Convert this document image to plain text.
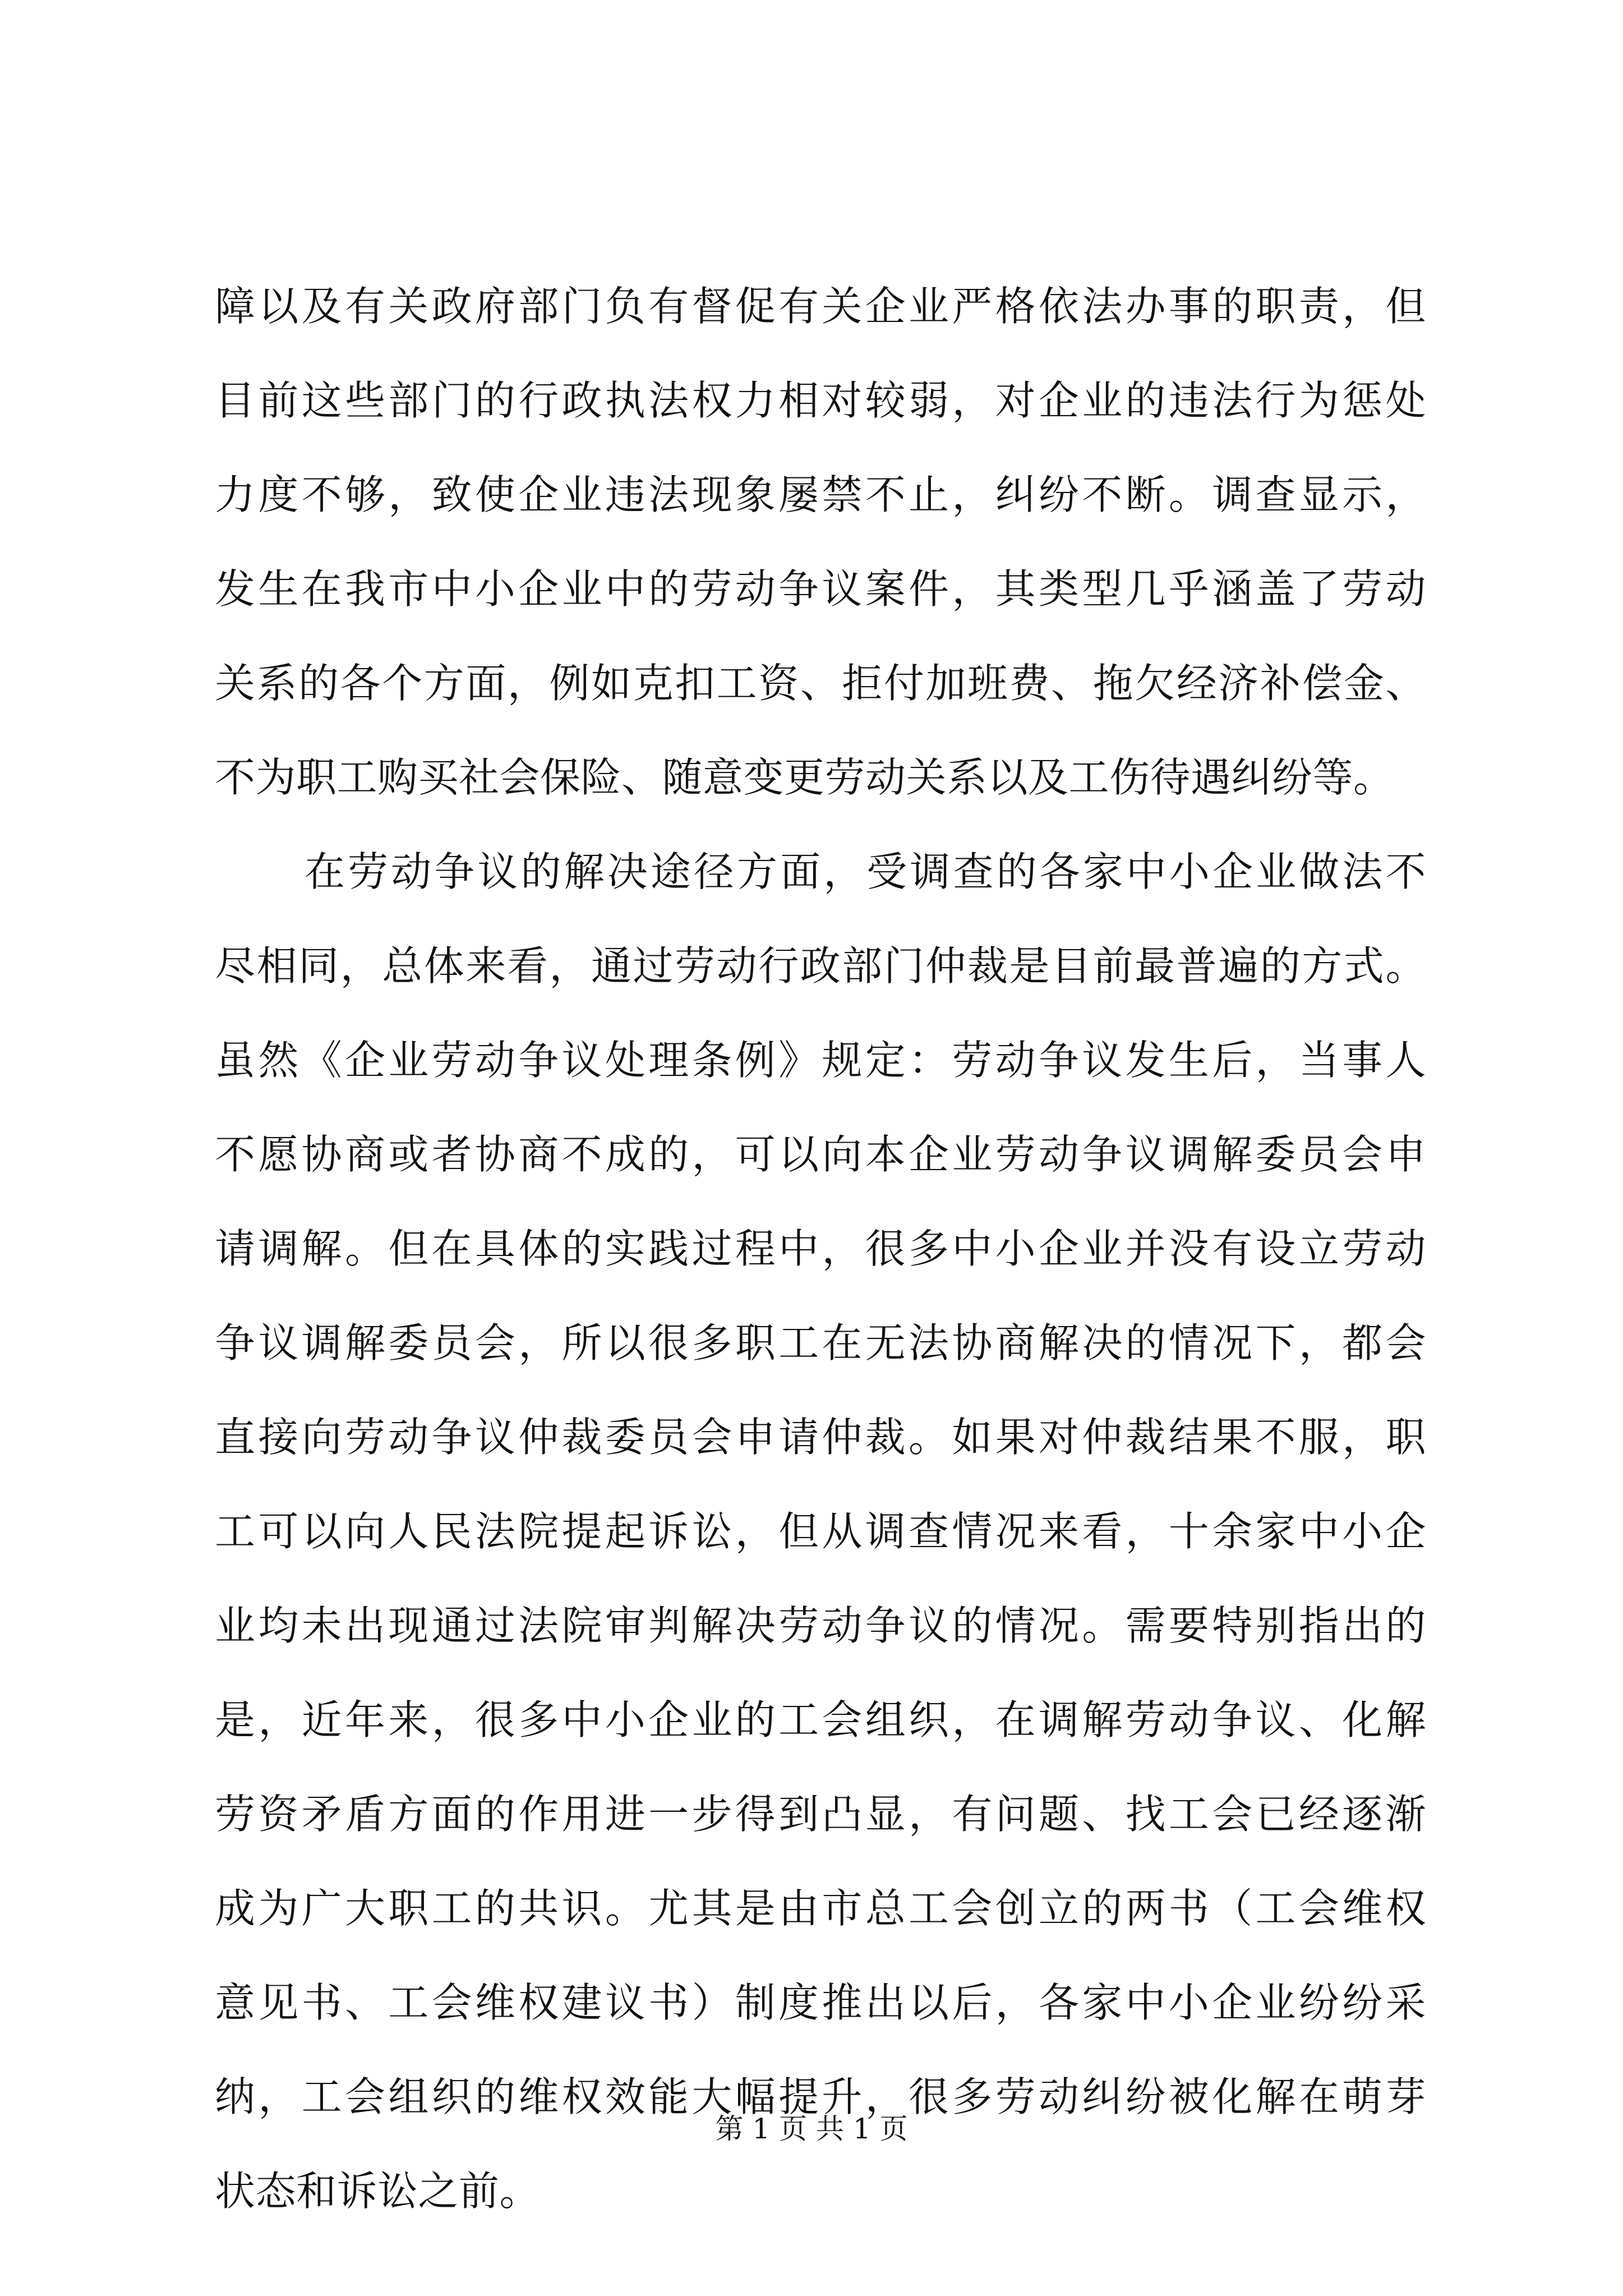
障以及有关政府部门负有督促有关企业严格依法办事的职责，但
目前这些部门的行政执法权力相对较弱，对企业的违法行为惩处
力度不够，致使企业违法现象屡禁不止，纠纷不断。调查显示，
发生在我市中小企业中的劳动争议案件，其类型几乎涵盖了劳动
关系的各个方面，例如克扣工资、拒付加班费、拖欠经济补偿金、
不为职工购买社会保险、随意变更劳动关系以及工伤待遇纠纷等。
在劳动争议的解决途径方面，受调查的各家中小企业做法不
尽相同，总体来看，通过劳动行政部门仲裁是目前最普遍的方式。
虽然《企业劳动争议处理条例》规定：劳动争议发生后，当事人
不愿协商或者协商不成的，可以向本企业劳动争议调解委员会申
请调解。但在具体的实践过程中，很多中小企业并没有设立劳动
争议调解委员会，所以很多职工在无法协商解决的情况下，都会
直接向劳动争议仲裁委员会申请仲裁。如果对仲裁结果不服，职
工可以向人民法院提起诉讼，但从调查情况来看，十余家中小企
业均未出现通过法院审判解决劳动争议的情况。需要特别指出的
是，近年来，很多中小企业的工会组织，在调解劳动争议、化解
劳资矛盾方面的作用进一步得到凸显，有问题、找工会已经逐渐
成为广大职工的共识。尤其是由市总工会创立的两书（工会维权
意见书、工会维权建议书）制度推出以后，各家中小企业纷纷采
纳，工会组织的维权效能大幅提升，很多劳动纠纷被化解在萌芽
状态和诉讼之前。
第 1 页 共 1 页
